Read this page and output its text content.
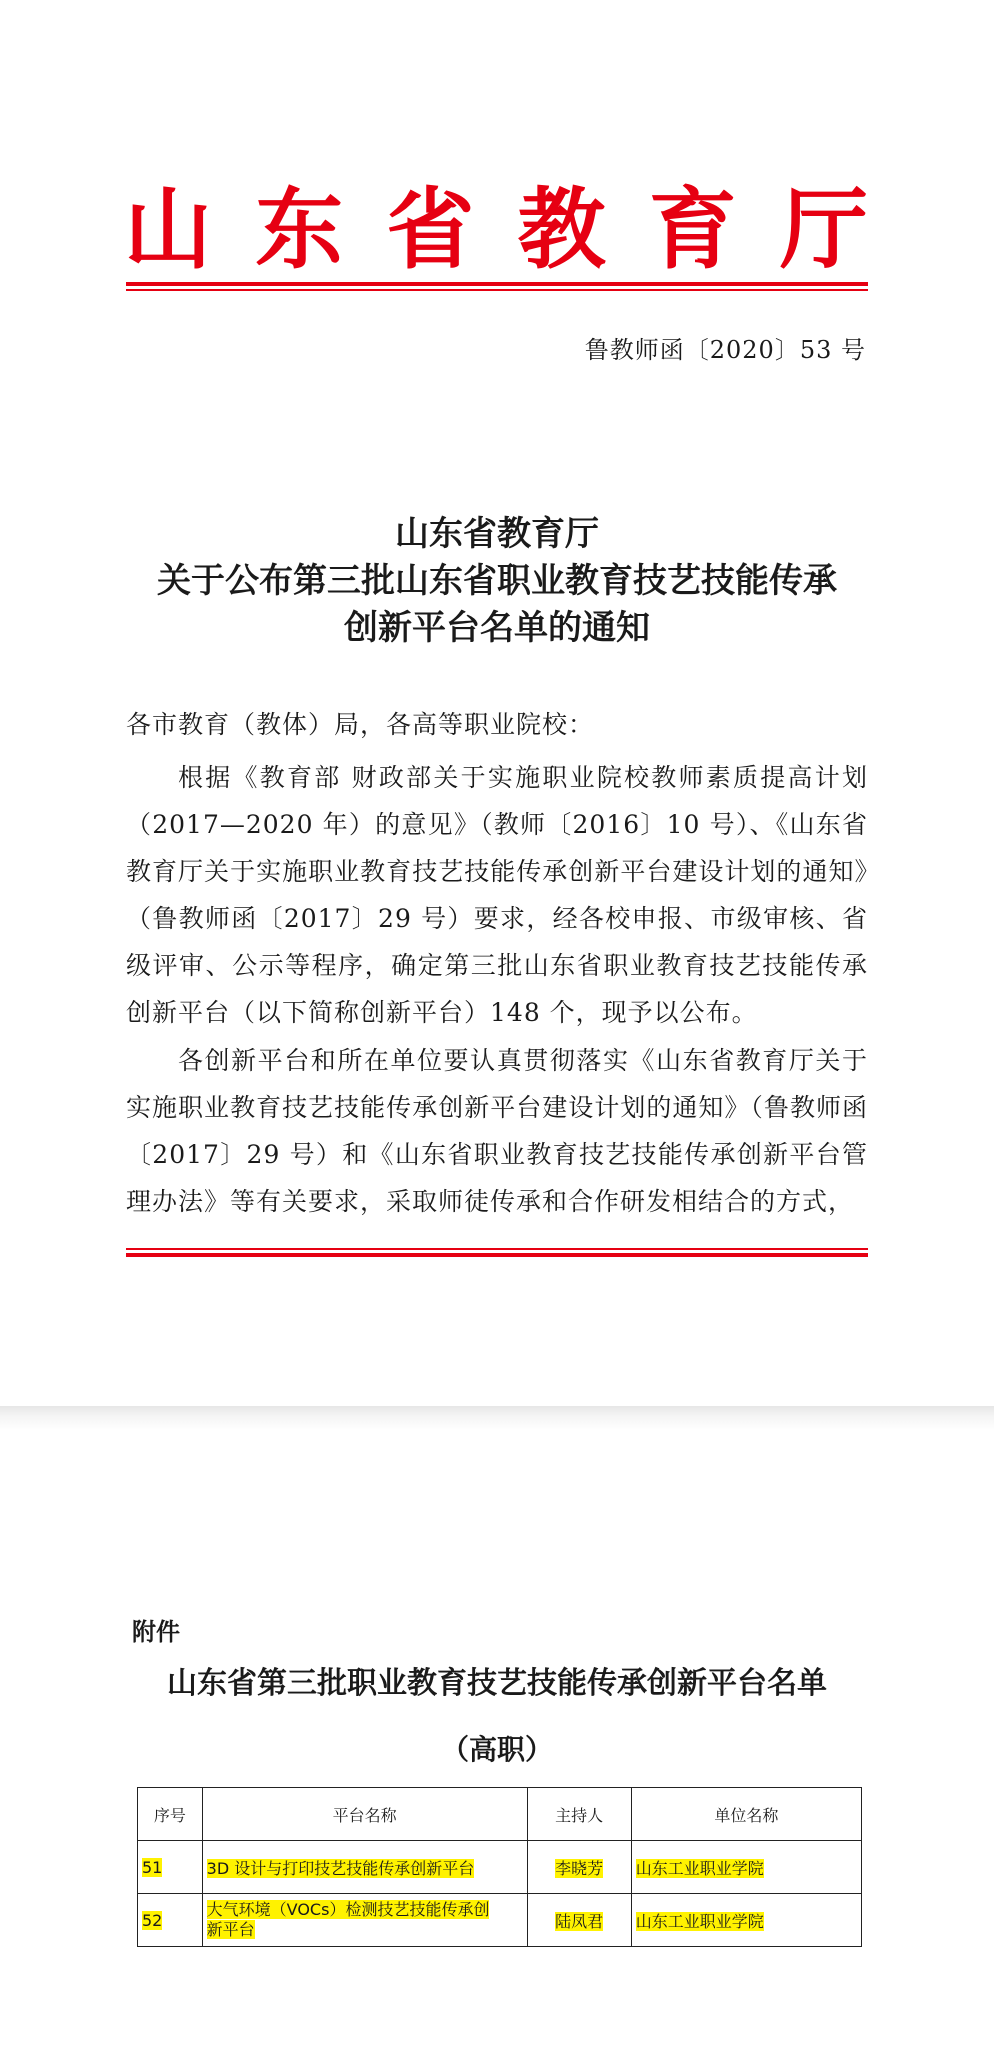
山 东 省 教 育 厅
鲁教师函〔2020〕53 号
山东省教育厅
关于公布第三批山东省职业教育技艺技能传承
创新平台名单的通知
各市教育（教体）局，各高等职业院校：
根据《教育部 财政部关于实施职业院校教师素质提高计划（2017—2020 年）的意见》（教师〔2016〕10 号）、《山东省教育厅关于实施职业教育技艺技能传承创新平台建设计划的通知》（鲁教师函〔2017〕29 号）要求，经各校申报、市级审核、省级评审、公示等程序，确定第三批山东省职业教育技艺技能传承创新平台（以下简称创新平台）148 个，现予以公布。
各创新平台和所在单位要认真贯彻落实《山东省教育厅关于实施职业教育技艺技能传承创新平台建设计划的通知》（鲁教师函〔2017〕29 号）和《山东省职业教育技艺技能传承创新平台管理办法》等有关要求，采取师徒传承和合作研发相结合的方式，
附件
山东省第三批职业教育技艺技能传承创新平台名单
（高职）
序号	平台名称	主持人	单位名称
51	3D 设计与打印技艺技能传承创新平台	李晓芳	山东工业职业学院
52	大气环境（VOCs）检测技艺技能传承创
新平台	陆凤君	山东工业职业学院
